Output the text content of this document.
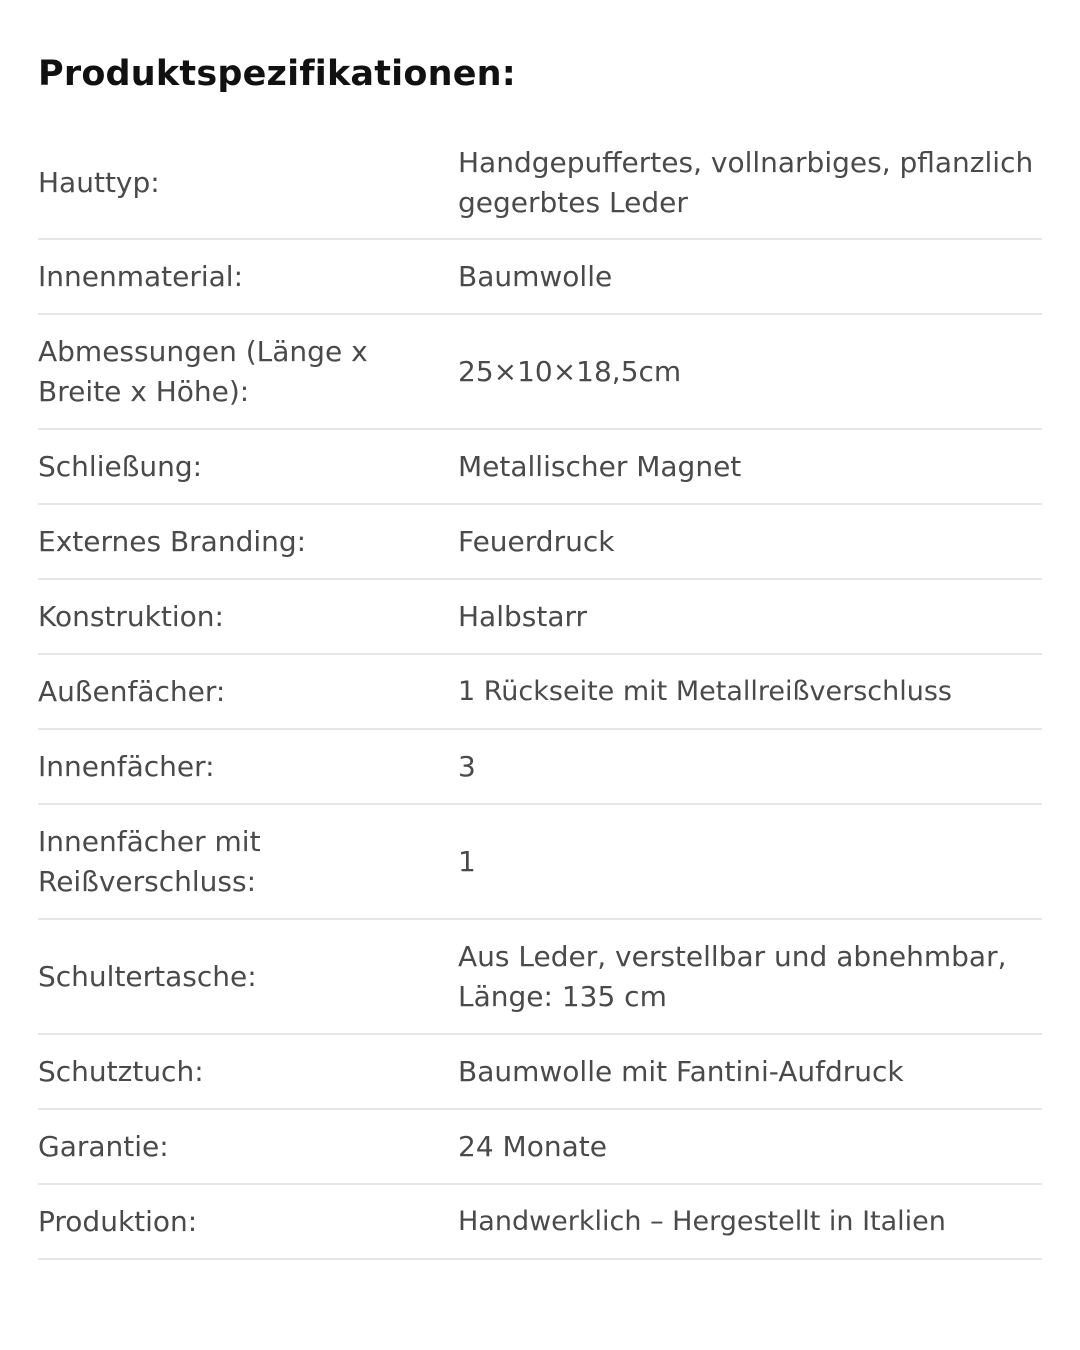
Produktspezifikationen:
Hauttyp:
Handgepuffertes, vollnarbiges, pflanzlich gegerbtes Leder
Innenmaterial:	Baumwolle
Abmessungen (Länge x Breite x Höhe):
25×10×18,5cm
Schließung:	Metallischer Magnet
Externes Branding:	Feuerdruck
Konstruktion:	Halbstarr
Außenfächer:	1 Rückseite mit Metallreißverschluss
Innenfächer:	3
Innenfächer mit Reißverschluss:
1
Schultertasche:
Aus Leder, verstellbar und abnehmbar, Länge: 135 cm
Schutztuch:	Baumwolle mit Fantini-Aufdruck
Garantie:	24 Monate
Produktion:	Handwerklich – Hergestellt in Italien
